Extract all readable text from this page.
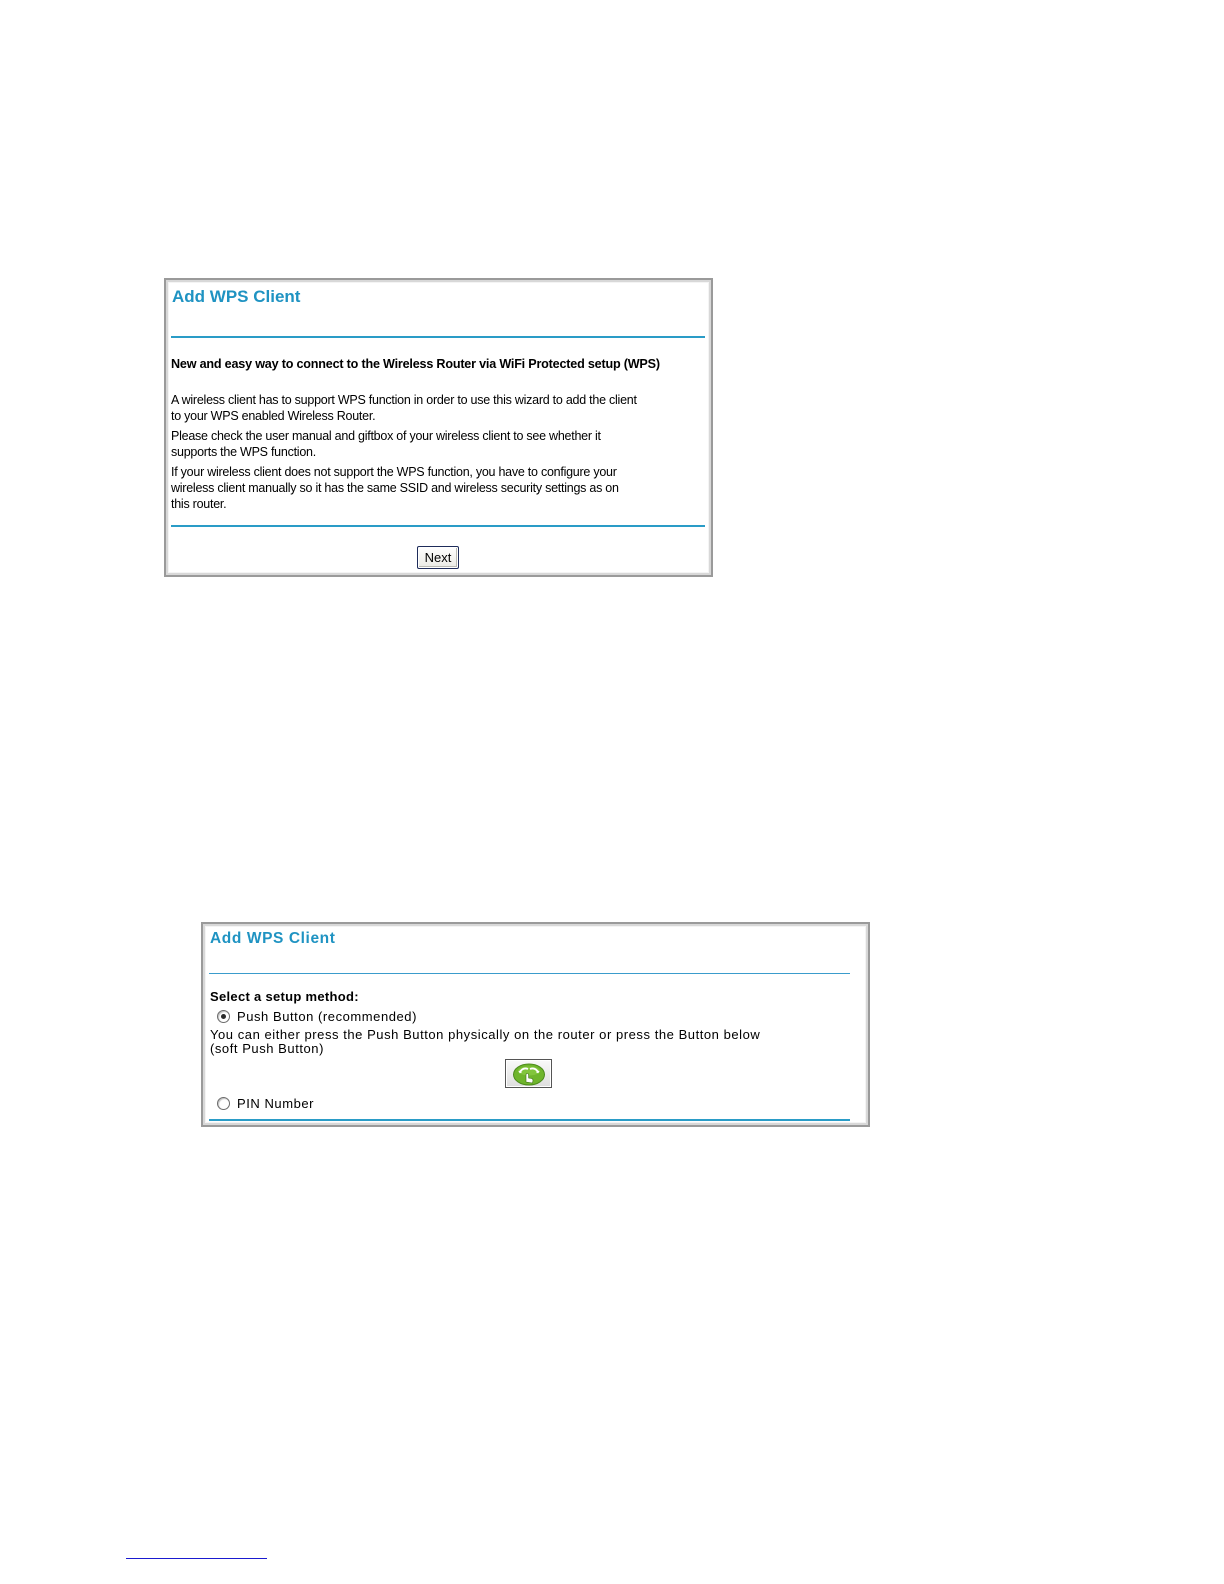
Add WPS Client
New and easy way to connect to the Wireless Router via WiFi Protected setup (WPS)
A wireless client has to support WPS function in order to use this wizard to add the client
to your WPS enabled Wireless Router.
Please check the user manual and giftbox of your wireless client to see whether it
supports the WPS function.
If your wireless client does not support the WPS function, you have to configure your
wireless client manually so it has the same SSID and wireless security settings as on
this router.
Next
Add WPS Client
Select a setup method:
Push Button (recommended)
You can either press the Push Button physically on the router or press the Button below
(soft Push Button)
PIN Number
